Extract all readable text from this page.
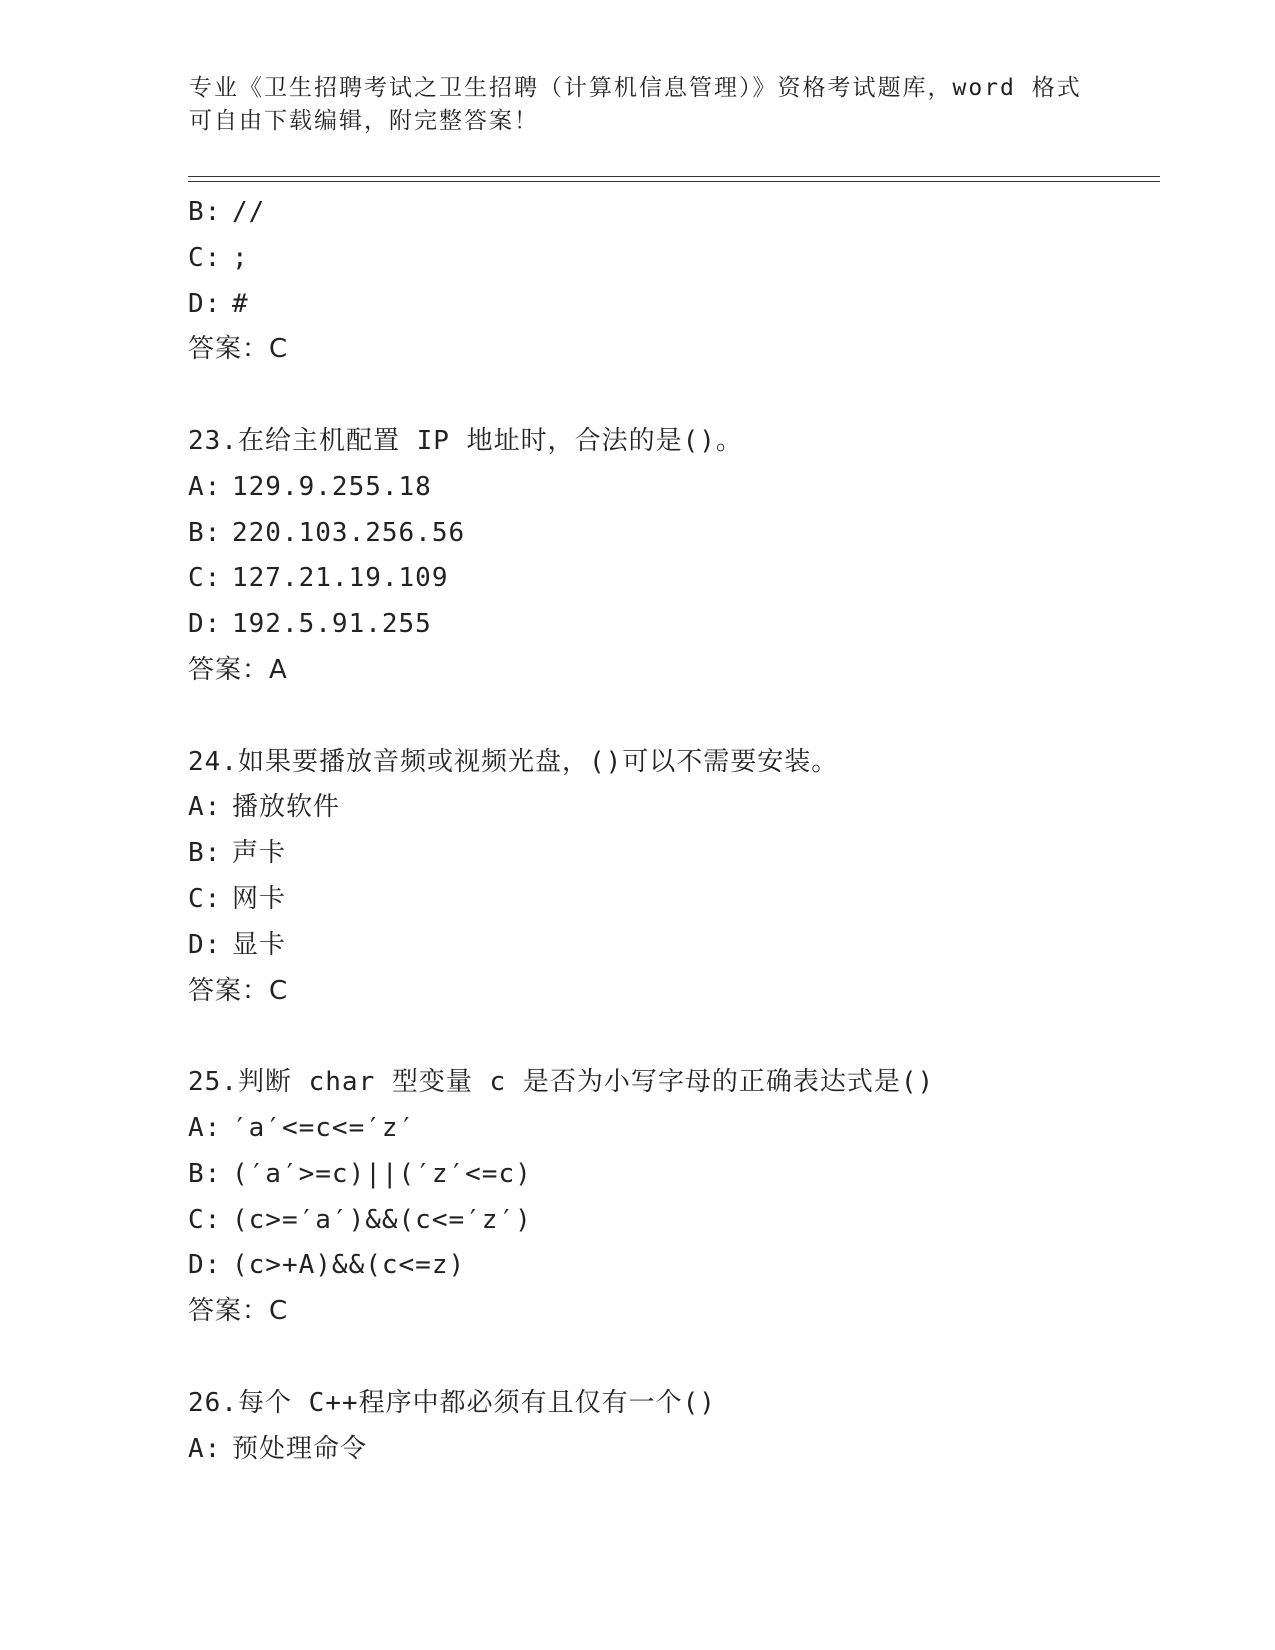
专业《卫生招聘考试之卫生招聘（计算机信息管理）》资格考试题库，word 格式
可自由下载编辑，附完整答案！
B: //
C: ;
D: #
答案：C
23.在给主机配置 IP 地址时，合法的是()。
A: 129.9.255.18
B: 220.103.256.56
C: 127.21.19.109
D: 192.5.91.255
答案：A
24.如果要播放音频或视频光盘，()可以不需要安装。
A: 播放软件
B: 声卡
C: 网卡
D: 显卡
答案：C
25.判断 char 型变量 c 是否为小写字母的正确表达式是()
A: ′a′<=c<=′z′
B: (′a′>=c)||(′z′<=c)
C: (c>=′a′)&&(c<=′z′)
D: (c>+A)&&(c<=z)
答案：C
26.每个 C++程序中都必须有且仅有一个()
A: 预处理命令
